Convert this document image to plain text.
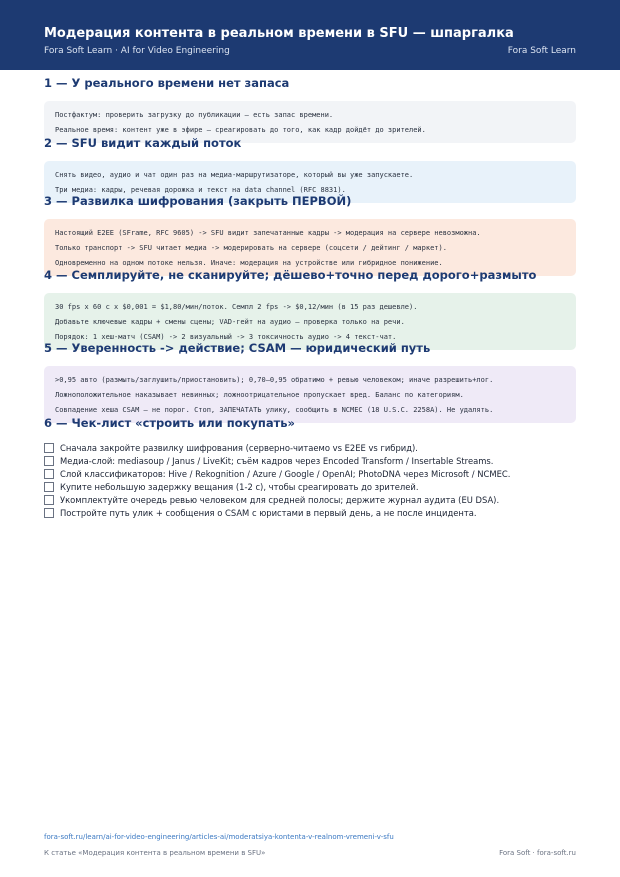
Модерация контента в реальном времени в SFU — шпаргалка
Fora Soft Learn · AI for Video Engineering	Fora Soft Learn
1 — У реального времени нет запаса
Постфактум: проверить загрузку до публикации — есть запас времени.
Реальное время: контент уже в эфире — среагировать до того, как кадр дойдёт до зрителей.
2 — SFU видит каждый поток
Снять видео, аудио и чат один раз на медиа-маршрутизаторе, который вы уже запускаете.
Три медиа: кадры, речевая дорожка и текст на data channel (RFC 8831).
3 — Развилка шифрования (закрыть ПЕРВОЙ)
Настоящий E2EE (SFrame, RFC 9605) -> SFU видит запечатанные кадры -> модерация на сервере невозможна.
Только транспорт -> SFU читает медиа -> модерировать на сервере (соцсети / дейтинг / маркет).
Одновременно на одном потоке нельзя. Иначе: модерация на устройстве или гибридное понижение.
4 — Семплируйте, не сканируйте; дёшево+точно перед дорого+размыто
30 fps x 60 c x $0,001 = $1,80/мин/поток. Семпл 2 fps -> $0,12/мин (в 15 раз дешевле).
Добавьте ключевые кадры + смены сцены; VAD-гейт на аудио — проверка только на речи.
Порядок: 1 хеш-матч (CSAM) -> 2 визуальный -> 3 токсичность аудио -> 4 текст-чат.
5 — Уверенность -> действие; CSAM — юридический путь
>0,95 авто (размыть/заглушить/приостановить); 0,70–0,95 обратимо + ревью человеком; иначе разрешить+лог.
Ложноположительное наказывает невинных; ложноотрицательное пропускает вред. Баланс по категориям.
Совпадение хеша CSAM — не порог. Стоп, ЗАПЕЧАТАТЬ улику, сообщить в NCMEC (18 U.S.C. 2258A). Не удалять.
6 — Чек-лист «строить или покупать»
Сначала закройте развилку шифрования (серверно-читаемо vs E2EE vs гибрид).
Медиа-слой: mediasoup / Janus / LiveKit; съём кадров через Encoded Transform / Insertable Streams.
Слой классификаторов: Hive / Rekognition / Azure / Google / OpenAI; PhotoDNA через Microsoft / NCMEC.
Купите небольшую задержку вещания (1-2 с), чтобы среагировать до зрителей.
Укомплектуйте очередь ревью человеком для средней полосы; держите журнал аудита (EU DSA).
Постройте путь улик + сообщения о CSAM с юристами в первый день, а не после инцидента.
fora-soft.ru/learn/ai-for-video-engineering/articles-ai/moderatsiya-kontenta-v-realnom-vremeni-v-sfu
К статье «Модерация контента в реальном времени в SFU»	Fora Soft · fora-soft.ru
